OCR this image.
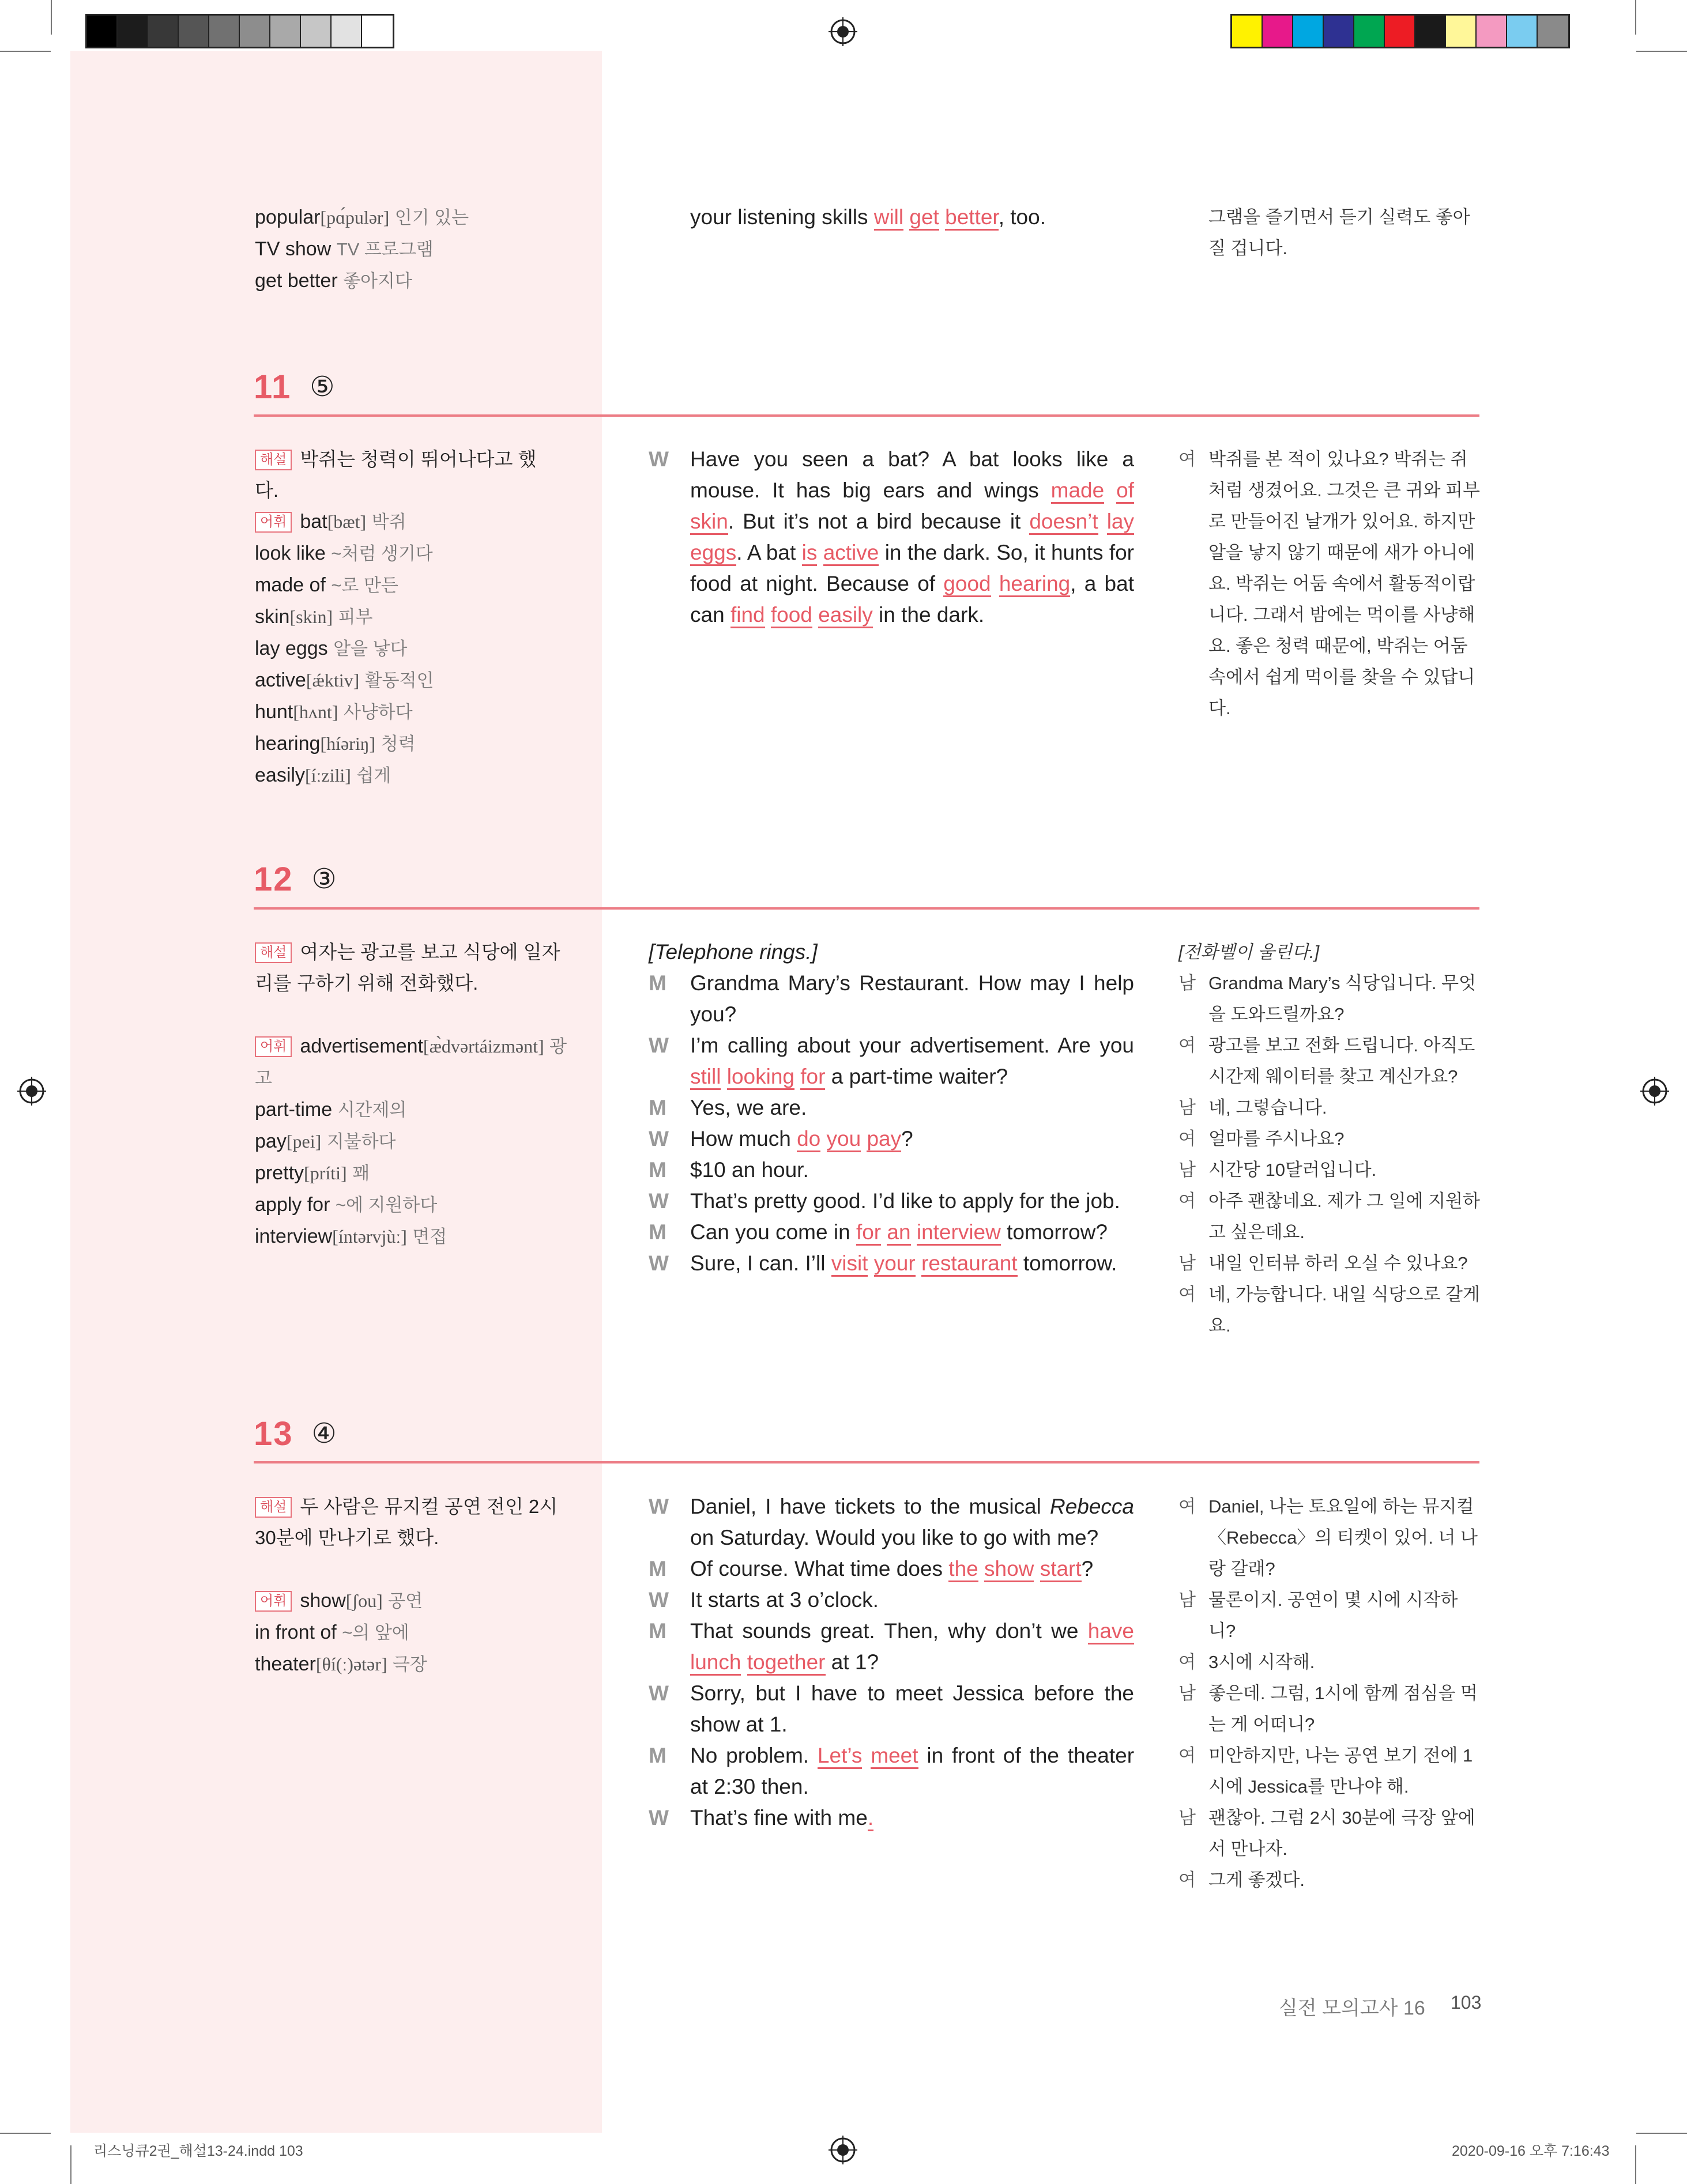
리스닝큐2권_해설13-24.indd 103	2020-09-16 오후 7:16:43
popular[pɑ́pulər] 인기 있는
TV show TV 프로그램
get better 좋아지다
your listening skills will get better, too.	그램을 즐기면서 듣기 실력도 좋아질 겁니다.
11 ⑤
해설 박쥐는 청력이 뛰어나다고 했다.
어휘 bat[bæt] 박쥐
look like ~처럼 생기다
made of ~로 만든
skin[skin] 피부
lay eggs 알을 낳다
active[ǽktiv] 활동적인
hunt[hʌnt] 사냥하다
hearing[híəriŋ] 청력
easily[íːzili] 쉽게
W Have you seen a bat? A bat looks like a mouse. It has big ears and wings made of skin. But it’s not a bird because it doesn’t lay eggs. A bat is active in the dark. So, it hunts for food at night. Because of good hearing, a bat can find food easily in the dark.
여 박쥐를 본 적이 있나요? 박쥐는 쥐처럼 생겼어요. 그것은 큰 귀와 피부로 만들어진 날개가 있어요. 하지만 알을 낳지 않기 때문에 새가 아니에요. 박쥐는 어둠 속에서 활동적이랍니다. 그래서 밤에는 먹이를 사냥해요. 좋은 청력 때문에, 박쥐는 어둠 속에서 쉽게 먹이를 찾을 수 있답니다.
12 ③
해설 여자는 광고를 보고 식당에 일자리를 구하기 위해 전화했다.
어휘 advertisement[ӕ̀dvərtáizmənt] 광고
part-time 시간제의
pay[pei] 지불하다
pretty[príti] 꽤
apply for ~에 지원하다
interview[íntərvjùː] 면접
[Telephone rings.]
M Grandma Mary’s Restaurant. How may I help you?
W I’m calling about your advertisement. Are you still looking for a part-time waiter?
M Yes, we are.
W How much do you pay?
M $10 an hour.
W That’s pretty good. I’d like to apply for the job.
M Can you come in for an interview tomorrow?
W Sure, I can. I’ll visit your restaurant tomorrow.
[전화벨이 울린다.]
남 Grandma Mary’s 식당입니다. 무엇을 도와드릴까요?
여 광고를 보고 전화 드립니다. 아직도 시간제 웨이터를 찾고 계신가요?
남 네, 그렇습니다.
여 얼마를 주시나요?
남 시간당 10달러입니다.
여 아주 괜찮네요. 제가 그 일에 지원하고 싶은데요.
남 내일 인터뷰 하러 오실 수 있나요?
여 네, 가능합니다. 내일 식당으로 갈게요.
13 ④
해설 두 사람은 뮤지컬 공연 전인 2시 30분에 만나기로 했다.
어휘 show[ʃou] 공연
in front of ~의 앞에
theater[θí(ː)ətər] 극장
W Daniel, I have tickets to the musical Rebecca on Saturday. Would you like to go with me?
M Of course. What time does the show start?
W It starts at 3 o’clock.
M That sounds great. Then, why don’t we have lunch together at 1?
W Sorry, but I have to meet Jessica before the show at 1.
M No problem. Let’s meet in front of the theater at 2:30 then.
W That’s fine with me.
여 Daniel, 나는 토요일에 하는 뮤지컬 〈Rebecca〉의 티켓이 있어. 너 나랑 갈래?
남 물론이지. 공연이 몇 시에 시작하니?
여 3시에 시작해.
남 좋은데. 그럼, 1시에 함께 점심을 먹는 게 어떠니?
여 미안하지만, 나는 공연 보기 전에 1시에 Jessica를 만나야 해.
남 괜찮아. 그럼 2시 30분에 극장 앞에서 만나자.
여 그게 좋겠다.
실전 모의고사 16 103
